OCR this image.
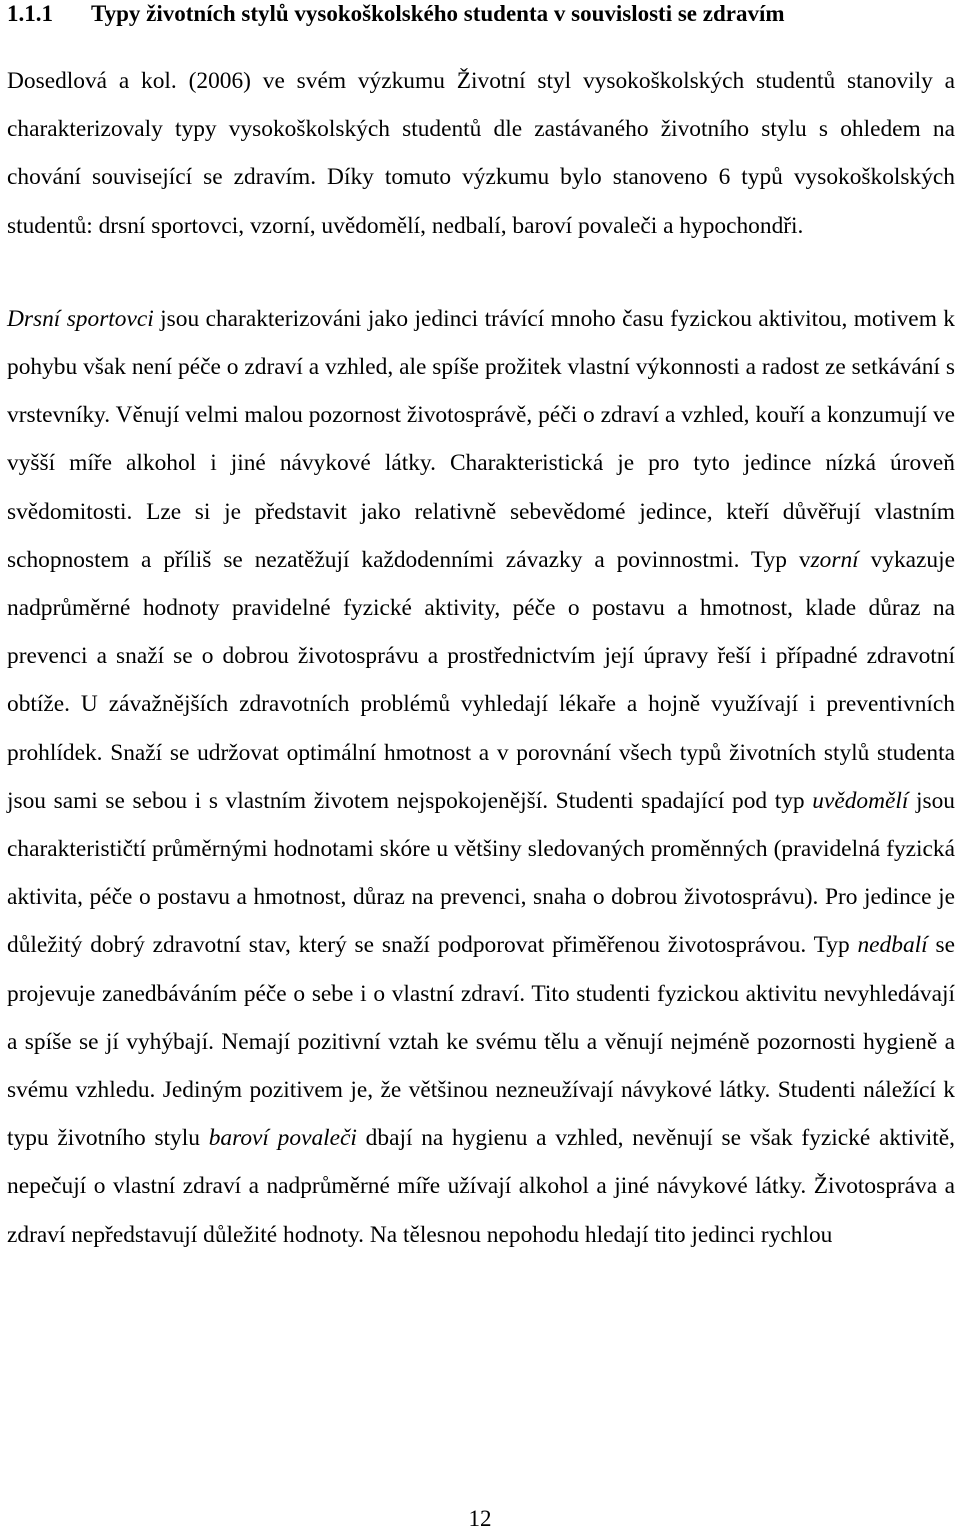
1.1.1 Typy životních stylů vysokoškolského studenta v souvislosti se zdravím

Dosedlová a kol. (2006) ve svém výzkumu Životní styl vysokoškolských studentů stanovily a charakterizovaly typy vysokoškolských studentů dle zastávaného životního stylu s ohledem na chování související se zdravím. Díky tomuto výzkumu bylo stanoveno 6 typů vysokoškolských studentů: drsní sportovci, vzorní, uvědomělí, nedbalí, baroví povaleči a hypochondři.

Drsní sportovci jsou charakterizováni jako jedinci trávící mnoho času fyzickou aktivitou, motivem k pohybu však není péče o zdraví a vzhled, ale spíše prožitek vlastní výkonnosti a radost ze setkávání s vrstevníky. Věnují velmi malou pozornost životosprávě, péči o zdraví a vzhled, kouří a konzumují ve vyšší míře alkohol i jiné návykové látky. Charakteristická je pro tyto jedince nízká úroveň svědomitosti. Lze si je představit jako relativně sebevědomé jedince, kteří důvěřují vlastním schopnostem a příliš se nezatěžují každodenními závazky a povinnostmi. Typ vzorní vykazuje nadprůměrné hodnoty pravidelné fyzické aktivity, péče o postavu a hmotnost, klade důraz na prevenci a snaží se o dobrou životosprávu a prostřednictvím její úpravy řeší i případné zdravotní obtíže. U závažnějších zdravotních problémů vyhledají lékaře a hojně využívají i preventivních prohlídek. Snaží se udržovat optimální hmotnost a v porovnání všech typů životních stylů studenta jsou sami se sebou i s vlastním životem nejspokojenější. Studenti spadající pod typ uvědomělí jsou charakterističtí průměrnými hodnotami skóre u většiny sledovaných proměnných (pravidelná fyzická aktivita, péče o postavu a hmotnost, důraz na prevenci, snaha o dobrou životosprávu). Pro jedince je důležitý dobrý zdravotní stav, který se snaží podporovat přiměřenou životosprávou. Typ nedbalí se projevuje zanedbáváním péče o sebe i o vlastní zdraví. Tito studenti fyzickou aktivitu nevyhledávají a spíše se jí vyhýbají. Nemají pozitivní vztah ke svému tělu a věnují nejméně pozornosti hygieně a svému vzhledu. Jediným pozitivem je, že většinou nezneužívají návykové látky. Studenti náležící k typu životního stylu baroví povaleči dbají na hygienu a vzhled, nevěnují se však fyzické aktivitě, nepečují o vlastní zdraví a nadprůměrné míře užívají alkohol a jiné návykové látky. Životospráva a zdraví nepředstavují důležité hodnoty. Na tělesnou nepohodu hledají tito jedinci rychlou

12
